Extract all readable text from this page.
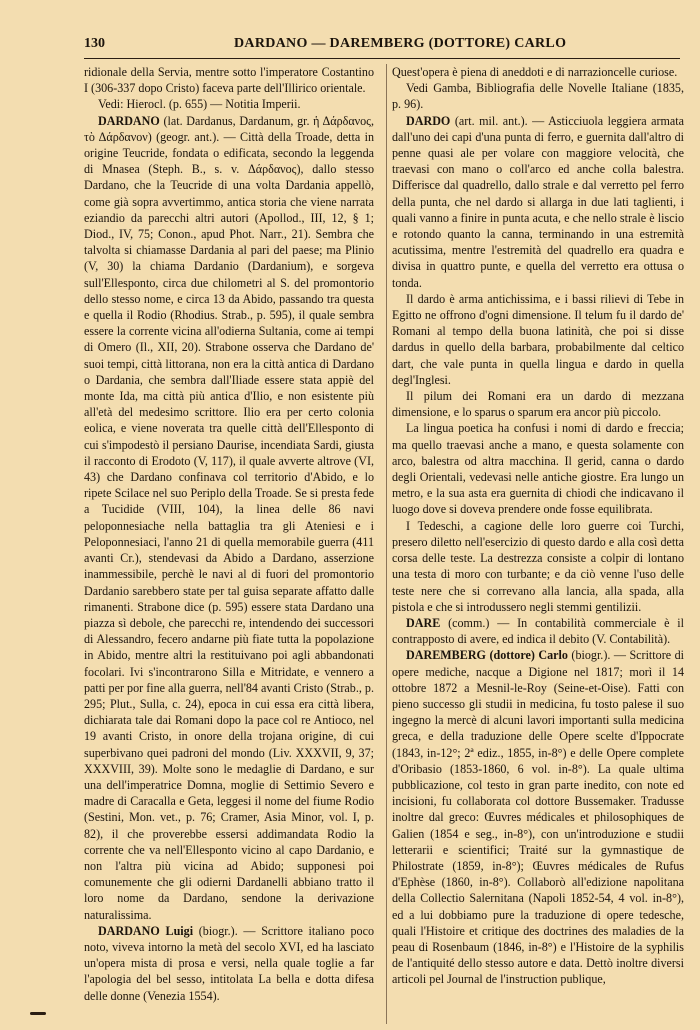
130	DARDANO — DAREMBERG (DOTTORE) CARLO

ridionale della Servia, mentre sotto l'imperatore Costantino I (306-337 dopo Cristo) faceva parte dell'Illirico orientale.

Vedi: Hierocl. (p. 655) — Notitia Imperii.

DARDANO (lat. Dardanus, Dardanum, gr. ἡ Δάρδανος, τὸ Δάρδανον) (geogr. ant.). — Città della Troade, detta in origine Teucride, fondata o edificata, secondo la leggenda di Mnasea (Steph. B., s. v. Δάρδανος), dallo stesso Dardano, che la Teucride di una volta Dardania appellò, come già sopra avvertimmo, antica storia che viene narrata eziandio da parecchi altri autori (Apollod., III, 12, § 1; Diod., IV, 75; Conon., apud Phot. Narr., 21). Sembra che talvolta si chiamasse Dardania al pari del paese; ma Plinio (V, 30) la chiama Dardanio (Dardanium), e sorgeva sull'Ellesponto, circa due chilometri al S. del promontorio dello stesso nome, e circa 13 da Abido, passando tra questa e quella il Rodio (Rhodius. Strab., p. 595), il quale sembra essere la corrente vicina all'odierna Sultania, come ai tempi di Omero (Il., XII, 20). Strabone osserva che Dardano de' suoi tempi, città littorana, non era la città antica di Dardano o Dardania, che sembra dall'Iliade essere stata appiè del monte Ida, ma città più antica d'Ilio, e non esistente più all'età del medesimo scrittore. Ilio era per certo colonia eolica, e viene noverata tra quelle città dell'Ellesponto di cui s'impodestò il persiano Daurise, incendiata Sardi, giusta il racconto di Erodoto (V, 117), il quale avverte altrove (VI, 43) che Dardano confinava col territorio d'Abido, e lo ripete Scilace nel suo Periplo della Troade. Se si presta fede a Tucidide (VIII, 104), la linea delle 86 navi peloponnesiache nella battaglia tra gli Ateniesi e i Peloponnesiaci, l'anno 21 di quella memorabile guerra (411 avanti Cr.), stendevasi da Abido a Dardano, asserzione inammessibile, perchè le navi al di fuori del promontorio Dardanio sarebbero state per tal guisa separate affatto dalle rimanenti. Strabone dice (p. 595) essere stata Dardano una piazza sì debole, che parecchi re, intendendo dei successori di Alessandro, fecero andarne più fiate tutta la popolazione in Abido, mentre altri la restituivano poi agli abbandonati focolari. Ivi s'incontrarono Silla e Mitridate, e vennero a patti per por fine alla guerra, nell'84 avanti Cristo (Strab., p. 295; Plut., Sulla, c. 24), epoca in cui essa era città libera, dichiarata tale dai Romani dopo la pace col re Antioco, nel 19 avanti Cristo, in onore della trojana origine, di cui superbivano quei padroni del mondo (Liv. XXXVII, 9, 37; XXXVIII, 39). Molte sono le medaglie di Dardano, e sur una dell'imperatrice Domna, moglie di Settimio Severo e madre di Caracalla e Geta, leggesi il nome del fiume Rodio (Sestini, Mon. vet., p. 76; Cramer, Asia Minor, vol. I, p. 82), il che proverebbe essersi addimandata Rodio la corrente che va nell'Ellesponto vicino al capo Dardanio, e non l'altra più vicina ad Abido; supponesi poi comunemente che gli odierni Dardanelli abbiano tratto il loro nome da Dardano, sendone la derivazione naturalissima.

DARDANO Luigi (biogr.). — Scrittore italiano poco noto, viveva intorno la metà del secolo XVI, ed ha lasciato un'opera mista di prosa e versi, nella quale toglie a far l'apologia del bel sesso, intitolata La bella e dotta difesa delle donne (Venezia 1554).

Quest'opera è piena di aneddoti e di narrazioncelle curiose.

Vedi Gamba, Bibliografia delle Novelle Italiane (1835, p. 96).

DARDO (art. mil. ant.). — Asticciuola leggiera armata dall'uno dei capi d'una punta di ferro, e guernita dall'altro di penne quasi ale per volare con maggiore velocità, che traevasi con mano o coll'arco ed anche colla balestra. Differisce dal quadrello, dallo strale e dal verretto pel ferro della punta, che nel dardo si allarga in due lati taglienti, i quali vanno a finire in punta acuta, e che nello strale è liscio e rotondo quanto la canna, terminando in una estremità acutissima, mentre l'estremità del quadrello era quadra e divisa in quattro punte, e quella del verretto era ottusa o tonda.

Il dardo è arma antichissima, e i bassi rilievi di Tebe in Egitto ne offrono d'ogni dimensione. Il telum fu il dardo de' Romani al tempo della buona latinità, che poi si disse dardus in quello della barbara, probabilmente dal celtico dart, che vale punta in quella lingua e dardo in quella degl'Inglesi.

Il pilum dei Romani era un dardo di mezzana dimensione, e lo sparus o sparum era ancor più piccolo.

La lingua poetica ha confusi i nomi di dardo e freccia; ma quello traevasi anche a mano, e questa solamente con arco, balestra od altra macchina. Il gerid, canna o dardo degli Orientali, vedevasi nelle antiche giostre. Era lungo un metro, e la sua asta era guernita di chiodi che indicavano il luogo dove si doveva prendere onde fosse equilibrata.

I Tedeschi, a cagione delle loro guerre coi Turchi, presero diletto nell'esercizio di questo dardo e alla così detta corsa delle teste. La destrezza consiste a colpir di lontano una testa di moro con turbante; e da ciò venne l'uso delle teste nere che si correvano alla lancia, alla spada, alla pistola e che si introdussero negli stemmi gentilizii.

DARE (comm.) — In contabilità commerciale è il contrapposto di avere, ed indica il debito (V. Contabilità).

DAREMBERG (dottore) Carlo (biogr.). — Scrittore di opere mediche, nacque a Digione nel 1817; morì il 14 ottobre 1872 a Mesnil-le-Roy (Seine-et-Oise). Fatti con pieno successo gli studii in medicina, fu tosto palese il suo ingegno la mercè di alcuni lavori importanti sulla medicina greca, e della traduzione delle Opere scelte d'Ippocrate (1843, in-12°; 2ª ediz., 1855, in-8°) e delle Opere complete d'Oribasio (1853-1860, 6 vol. in-8°). La quale ultima pubblicazione, col testo in gran parte inedito, con note ed incisioni, fu collaborata col dottore Bussemaker. Tradusse inoltre dal greco: Œuvres médicales et philosophiques de Galien (1854 e seg., in-8°), con un'introduzione e studii letterarii e scientifici; Traité sur la gymnastique de Philostrate (1859, in-8°); Œuvres médicales de Rufus d'Ephèse (1860, in-8°). Collaborò all'edizione napolitana della Collectio Salernitana (Napoli 1852-54, 4 vol. in-8°), ed a lui dobbiamo pure la traduzione di opere tedesche, quali l'Histoire et critique des doctrines des maladies de la peau di Rosenbaum (1846, in-8°) e l'Histoire de la syphilis de l'antiquité dello stesso autore e data. Dettò inoltre diversi articoli pel Journal de l'instruction publique,
